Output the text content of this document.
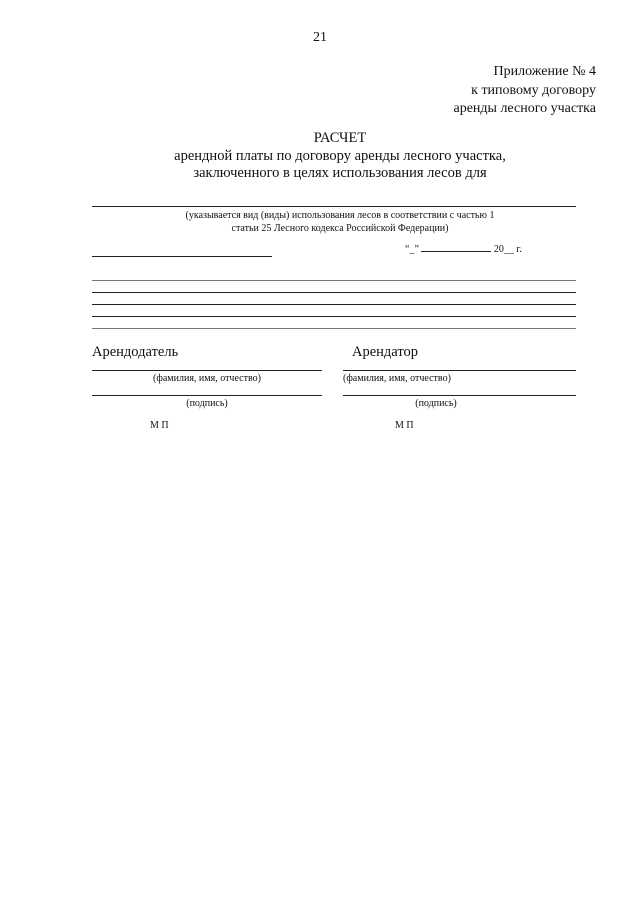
21
Приложение № 4
к типовому договору
аренды лесного участка
РАСЧЕТ
арендной платы по договору аренды лесного участка,
заключенного в целях использования лесов для
(указывается вид (виды) использования лесов в соответствии с частью 1
статьи 25 Лесного кодекса Российской Федерации)
“_”	20__ г.
Арендодатель
(фамилия, имя, отчество)
(подпись)
М П
Арендатор
(фамилия, имя, отчество)
(подпись)
М П
